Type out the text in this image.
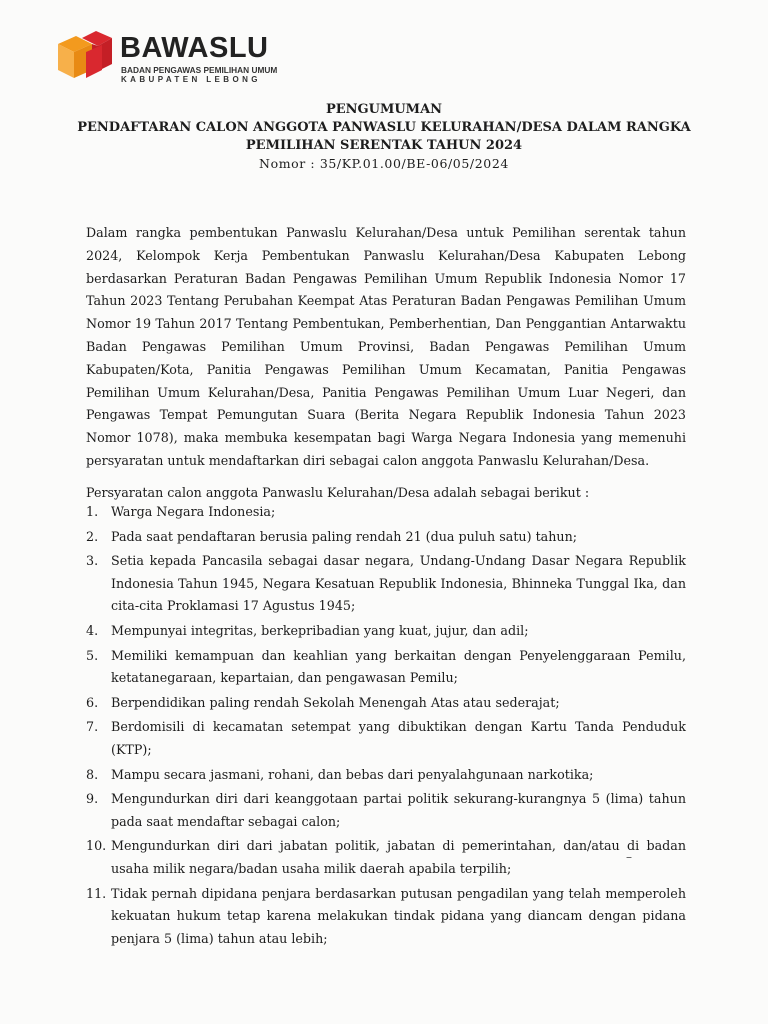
BAWASLU
BADAN PENGAWAS PEMILIHAN UMUM
KABUPATEN LEBONG
PENGUMUMAN
PENDAFTARAN CALON ANGGOTA PANWASLU KELURAHAN/DESA DALAM RANGKA
PEMILIHAN SERENTAK TAHUN 2024
Nomor : 35/KP.01.00/BE-06/05/2024

Dalam rangka pembentukan Panwaslu Kelurahan/Desa untuk Pemilihan serentak tahun 2024, Kelompok Kerja Pembentukan Panwaslu Kelurahan/Desa Kabupaten Lebong berdasarkan Peraturan Badan Pengawas Pemilihan Umum Republik Indonesia Nomor 17 Tahun 2023 Tentang Perubahan Keempat Atas Peraturan Badan Pengawas Pemilihan Umum Nomor 19 Tahun 2017 Tentang Pembentukan, Pemberhentian, Dan Penggantian Antarwaktu Badan Pengawas Pemilihan Umum Provinsi, Badan Pengawas Pemilihan Umum Kabupaten/Kota, Panitia Pengawas Pemilihan Umum Kecamatan, Panitia Pengawas Pemilihan Umum Kelurahan/Desa, Panitia Pengawas Pemilihan Umum Luar Negeri, dan Pengawas Tempat Pemungutan Suara (Berita Negara Republik Indonesia Tahun 2023 Nomor 1078), maka membuka kesempatan bagi Warga Negara Indonesia yang memenuhi persyaratan untuk mendaftarkan diri sebagai calon anggota Panwaslu Kelurahan/Desa.

Persyaratan calon anggota Panwaslu Kelurahan/Desa adalah sebagai berikut :
1. Warga Negara Indonesia;
2. Pada saat pendaftaran berusia paling rendah 21 (dua puluh satu) tahun;
3. Setia kepada Pancasila sebagai dasar negara, Undang-Undang Dasar Negara Republik Indonesia Tahun 1945, Negara Kesatuan Republik Indonesia, Bhinneka Tunggal Ika, dan cita-cita Proklamasi 17 Agustus 1945;
4. Mempunyai integritas, berkepribadian yang kuat, jujur, dan adil;
5. Memiliki kemampuan dan keahlian yang berkaitan dengan Penyelenggaraan Pemilu, ketatanegaraan, kepartaian, dan pengawasan Pemilu;
6. Berpendidikan paling rendah Sekolah Menengah Atas atau sederajat;
7. Berdomisili di kecamatan setempat yang dibuktikan dengan Kartu Tanda Penduduk (KTP);
8. Mampu secara jasmani, rohani, dan bebas dari penyalahgunaan narkotika;
9. Mengundurkan diri dari keanggotaan partai politik sekurang-kurangnya 5 (lima) tahun pada saat mendaftar sebagai calon;
10. Mengundurkan diri dari jabatan politik, jabatan di pemerintahan, dan/atau di badan usaha milik negara/badan usaha milik daerah apabila terpilih;
11. Tidak pernah dipidana penjara berdasarkan putusan pengadilan yang telah memperoleh kekuatan hukum tetap karena melakukan tindak pidana yang diancam dengan pidana penjara 5 (lima) tahun atau lebih;
–
